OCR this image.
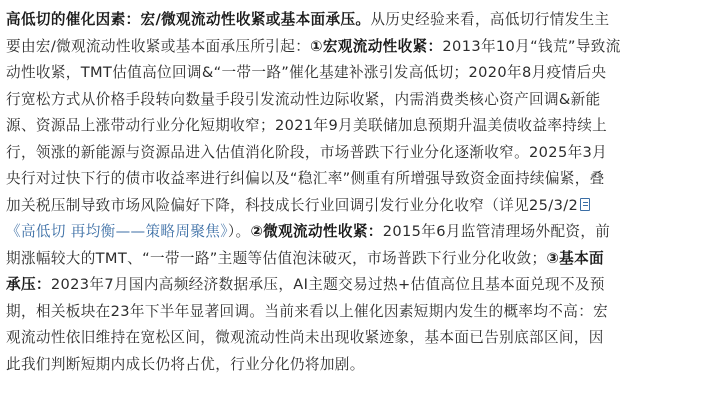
高低切的催化因素：宏/微观流动性收紧或基本面承压。从历史经验来看，高低切行情发生主
要由宏/微观流动性收紧或基本面承压所引起：①宏观流动性收紧：2013年10月“钱荒”导致流
动性收紧，TMT估值高位回调&“一带一路”催化基建补涨引发高低切；2020年8月疫情后央
行宽松方式从价格手段转向数量手段引发流动性边际收紧，内需消费类核心资产回调&新能
源、资源品上涨带动行业分化短期收窄；2021年9月美联储加息预期升温美债收益率持续上
行，领涨的新能源与资源品进入估值消化阶段，市场普跌下行业分化逐渐收窄。2025年3月
央行对过快下行的债市收益率进行纠偏以及“稳汇率”侧重有所增强导致资金面持续偏紧，叠
加关税压制导致市场风险偏好下降，科技成长行业回调引发行业分化收窄（详见25/3/2
《高低切 再均衡——策略周聚焦》）。②微观流动性收紧：2015年6月监管清理场外配资，前
期涨幅较大的TMT、“一带一路”主题等估值泡沫破灭，市场普跌下行业分化收敛；③基本面
承压：2023年7月国内高频经济数据承压，AI主题交易过热+估值高位且基本面兑现不及预
期，相关板块在23年下半年显著回调。当前来看以上催化因素短期内发生的概率均不高：宏
观流动性依旧维持在宽松区间，微观流动性尚未出现收紧迹象，基本面已告别底部区间，因
此我们判断短期内成长仍将占优，行业分化仍将加剧。
